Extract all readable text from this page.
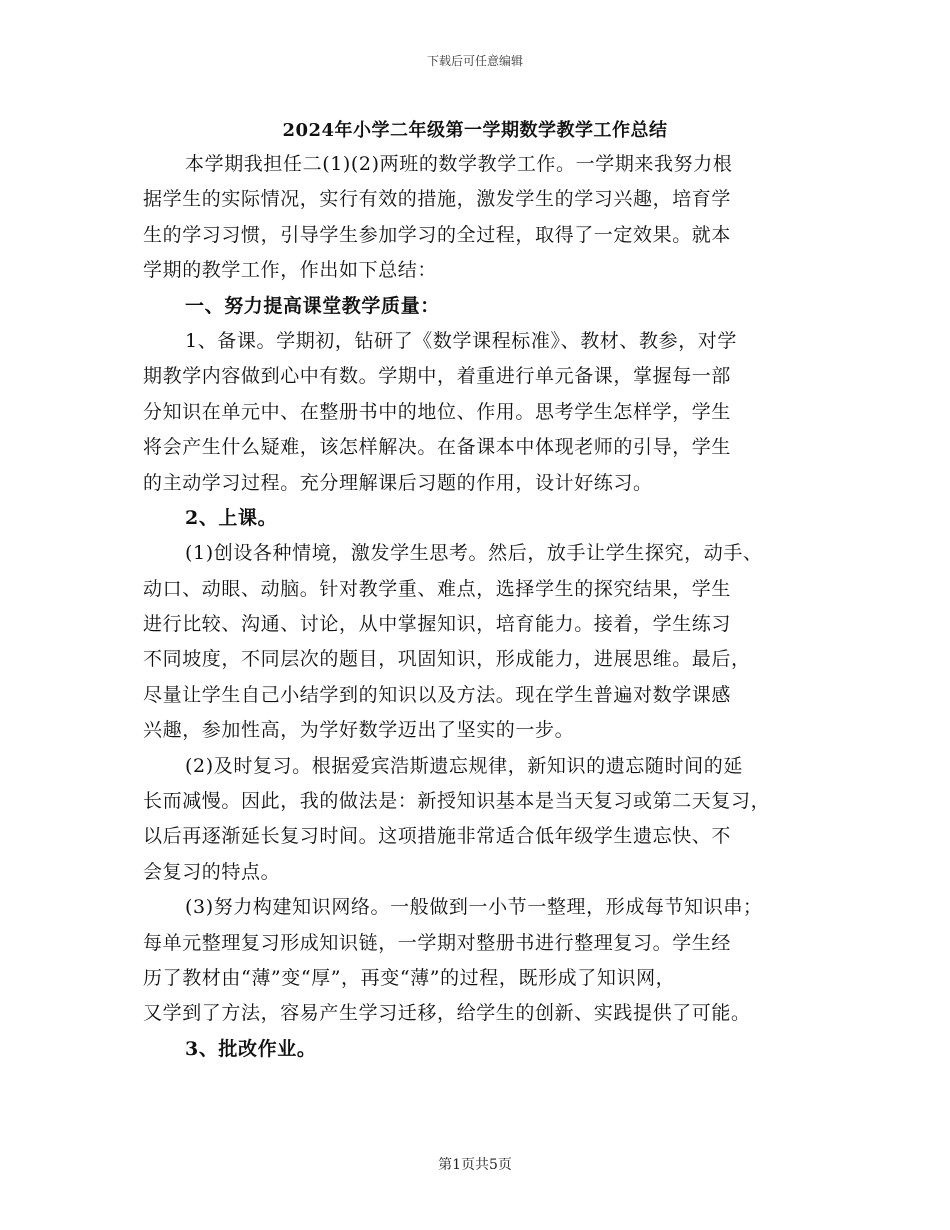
下载后可任意编辑
2024年小学二年级第一学期数学教学工作总结
本学期我担任二(1)(2)两班的数学教学工作。一学期来我努力根
据学生的实际情况，实行有效的措施，激发学生的学习兴趣，培育学
生的学习习惯，引导学生参加学习的全过程，取得了一定效果。就本
学期的教学工作，作出如下总结：
一、努力提高课堂教学质量：
1、备课。学期初，钻研了《数学课程标准》、教材、教参，对学
期教学内容做到心中有数。学期中，着重进行单元备课，掌握每一部
分知识在单元中、在整册书中的地位、作用。思考学生怎样学，学生
将会产生什么疑难，该怎样解决。在备课本中体现老师的引导，学生
的主动学习过程。充分理解课后习题的作用，设计好练习。
2、上课。
(1)创设各种情境，激发学生思考。然后，放手让学生探究，动手、
动口、动眼、动脑。针对教学重、难点，选择学生的探究结果，学生
进行比较、沟通、讨论，从中掌握知识，培育能力。接着，学生练习
不同坡度，不同层次的题目，巩固知识，形成能力，进展思维。最后，
尽量让学生自己小结学到的知识以及方法。现在学生普遍对数学课感
兴趣，参加性高，为学好数学迈出了坚实的一步。
(2)及时复习。根据爱宾浩斯遗忘规律，新知识的遗忘随时间的延
长而减慢。因此，我的做法是：新授知识基本是当天复习或第二天复习，
以后再逐渐延长复习时间。这项措施非常适合低年级学生遗忘快、不
会复习的特点。
(3)努力构建知识网络。一般做到一小节一整理，形成每节知识串；
每单元整理复习形成知识链，一学期对整册书进行整理复习。学生经
历了教材由“薄”变“厚”，再变“薄”的过程，既形成了知识网，
又学到了方法，容易产生学习迁移，给学生的创新、实践提供了可能。
3、批改作业。
第1页共5页
